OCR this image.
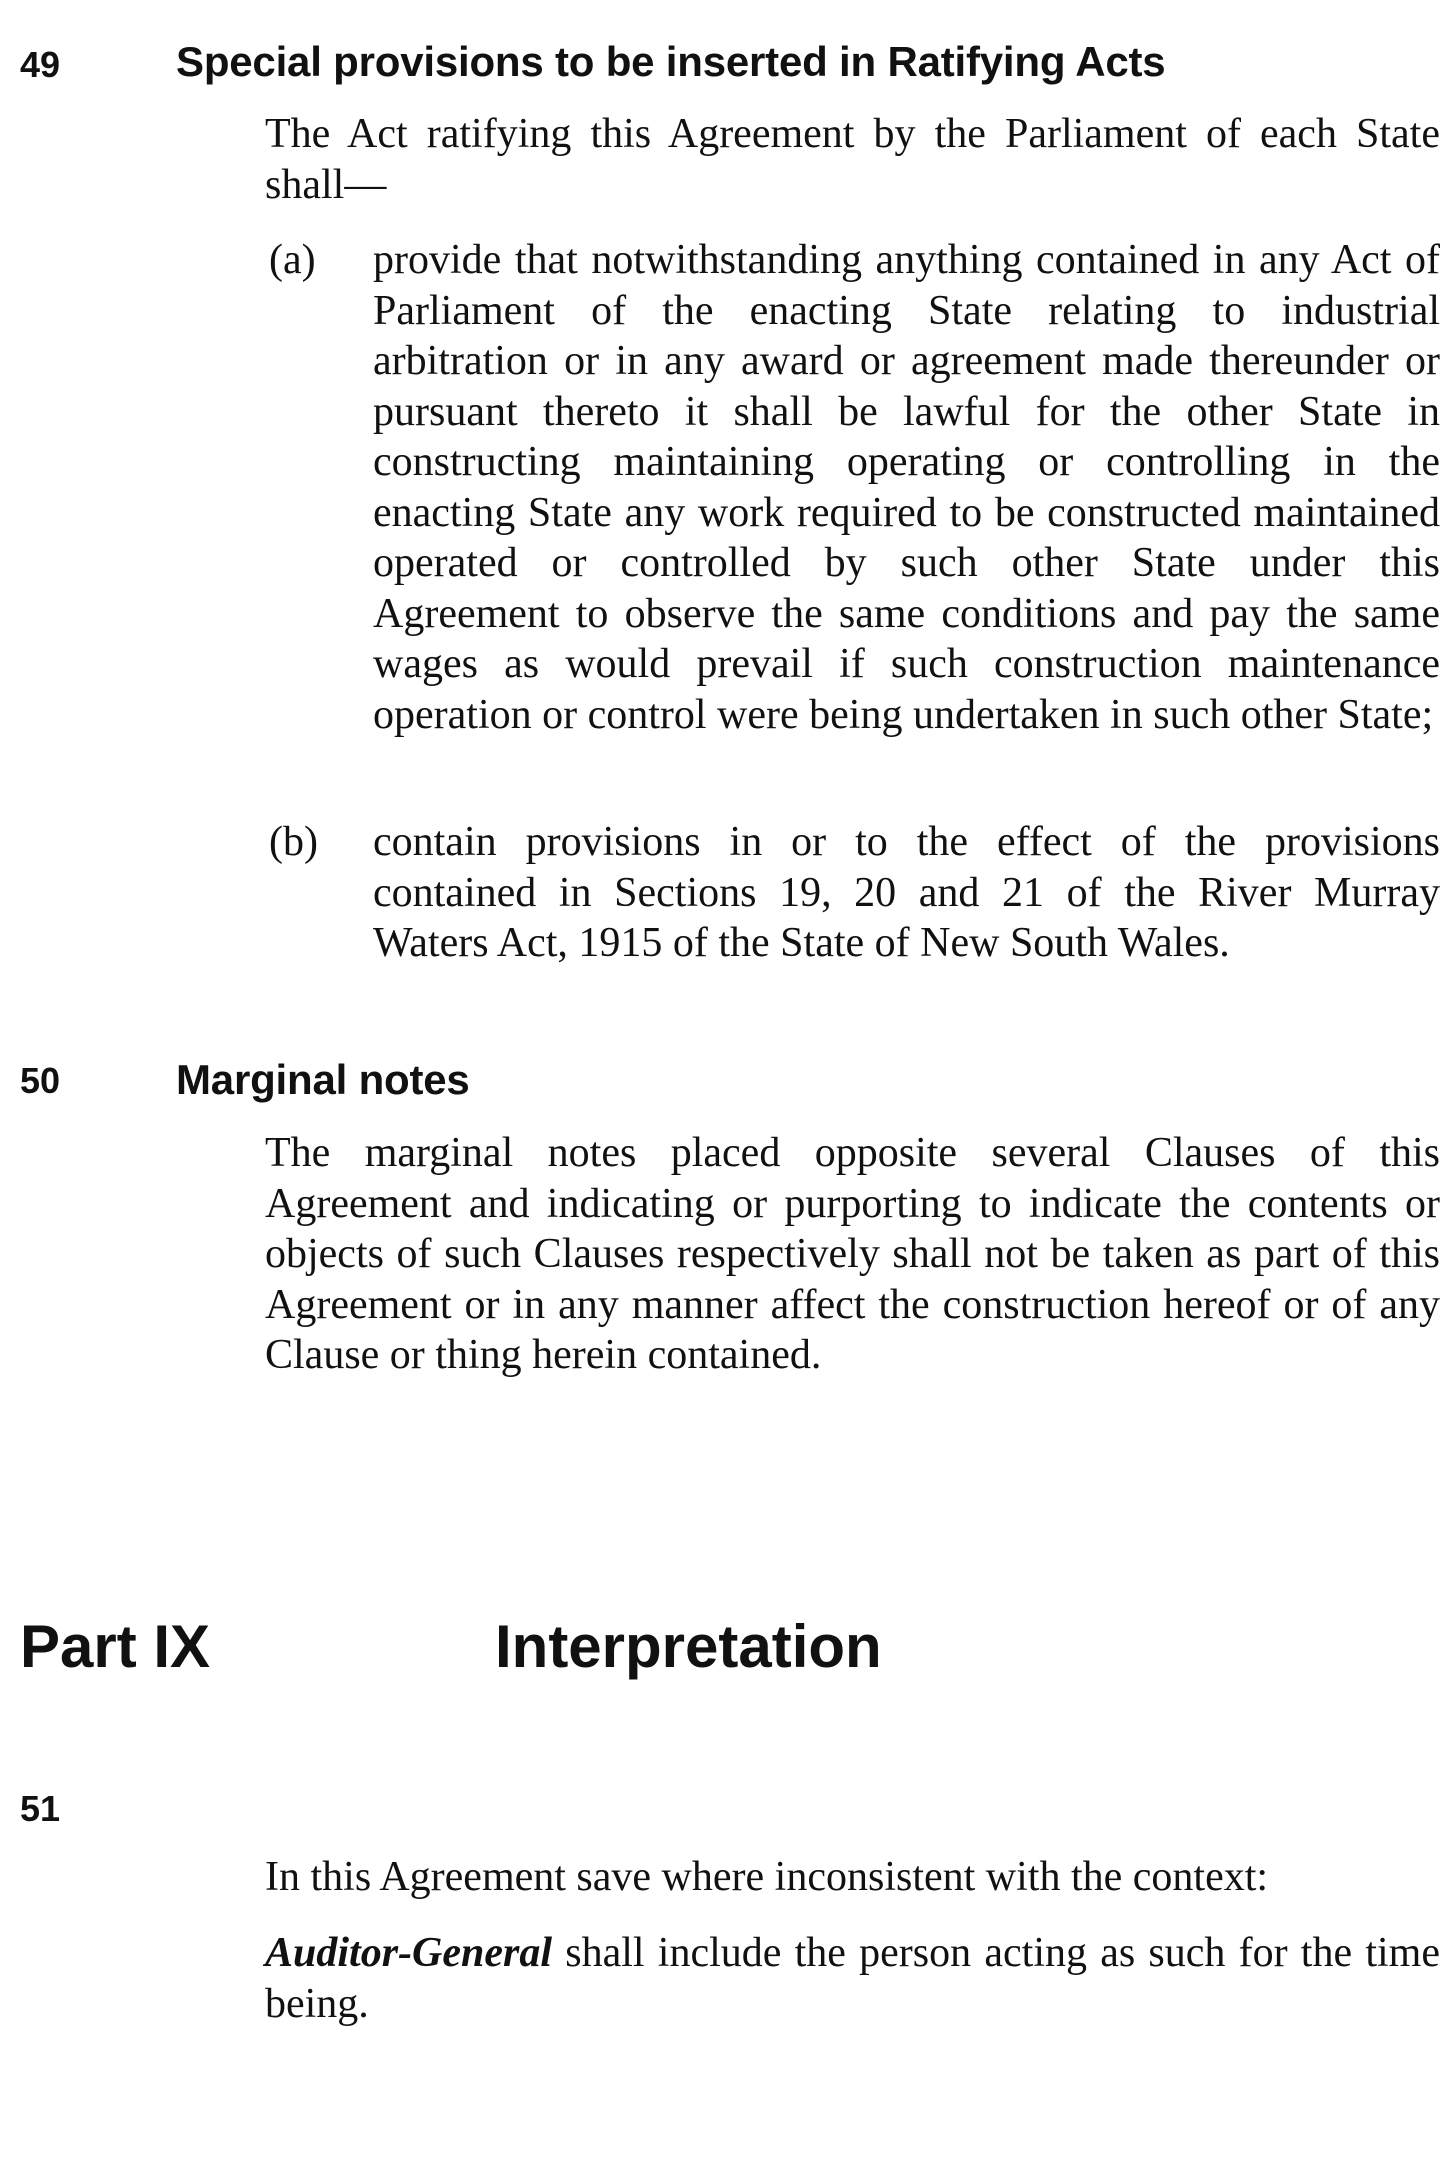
49	Special provisions to be inserted in Ratifying Acts

The Act ratifying this Agreement by the Parliament of each State shall—

(a) provide that notwithstanding anything contained in any Act of Parliament of the enacting State relating to industrial arbitration or in any award or agreement made thereunder or pursuant thereto it shall be lawful for the other State in constructing maintaining operating or controlling in the enacting State any work required to be constructed maintained operated or controlled by such other State under this Agreement to observe the same conditions and pay the same wages as would prevail if such construction maintenance operation or control were being undertaken in such other State;
(b) contain provisions in or to the effect of the provisions contained in Sections 19, 20 and 21 of the River Murray Waters Act, 1915 of the State of New South Wales.
50	Marginal notes

The marginal notes placed opposite several Clauses of this Agreement and indicating or purporting to indicate the contents or objects of such Clauses respectively shall not be taken as part of this Agreement or in any manner affect the construction hereof or of any Clause or thing herein contained.

Part IX	Interpretation
51

In this Agreement save where inconsistent with the context:

Auditor-General shall include the person acting as such for the time being.
